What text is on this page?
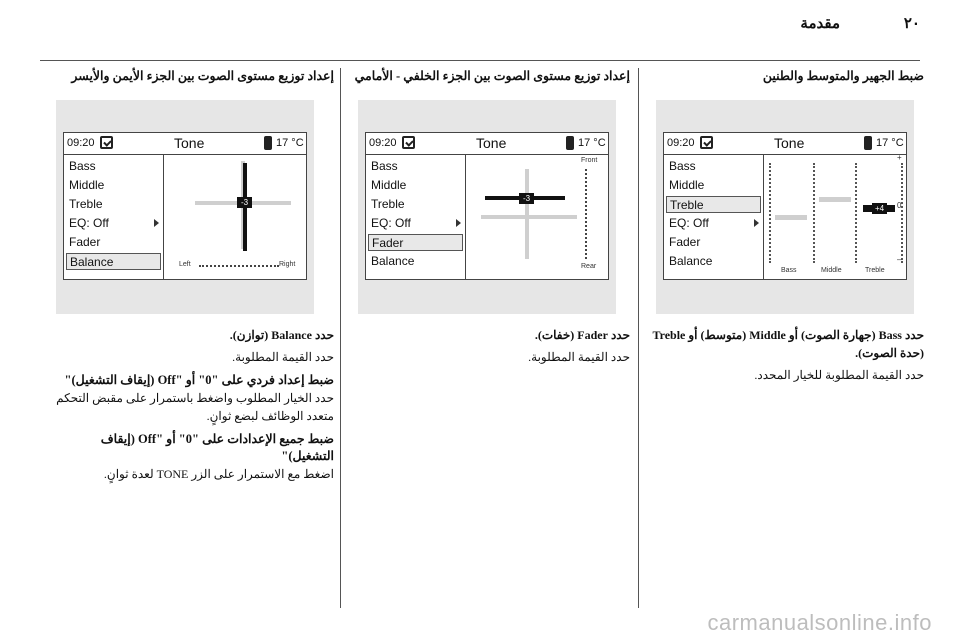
٢٠
مقدمة
ضبط الجهير والمتوسط والطنين
09:20	Tone	17 °C
Bass
Middle
Treble
EQ: Off
Fader
Balance
+4
+
0
–
Bass	Middle	Treble

حدد Bass (جهارة الصوت) أو Middle (متوسط) أو Treble (حدة الصوت).

حدد القيمة المطلوبة للخيار المحدد.

إعداد توزيع مستوى الصوت بين الجزء الخلفي - الأمامي
09:20	Tone	17 °C
Bass
Middle
Treble
EQ: Off
Fader
Balance
-3
Front
Rear

حدد Fader (خفات).

حدد القيمة المطلوبة.

إعداد توزيع مستوى الصوت بين الجزء الأيمن والأيسر
09:20	Tone	17 °C
Bass
Middle
Treble
EQ: Off
Fader
Balance
-3
Left	Right

حدد Balance (توازن).

حدد القيمة المطلوبة.

ضبط إعداد فردي على "0" أو "Off (إيقاف التشغيل)"

حدد الخيار المطلوب واضغط باستمرار على مقبض التحكم متعدد الوظائف لبضع ثوانٍ.

ضبط جميع الإعدادات على "0" أو "Off (إيقاف التشغيل)"

اضغط مع الاستمرار على الزر TONE لعدة ثوانٍ.

carmanualsonline.info
